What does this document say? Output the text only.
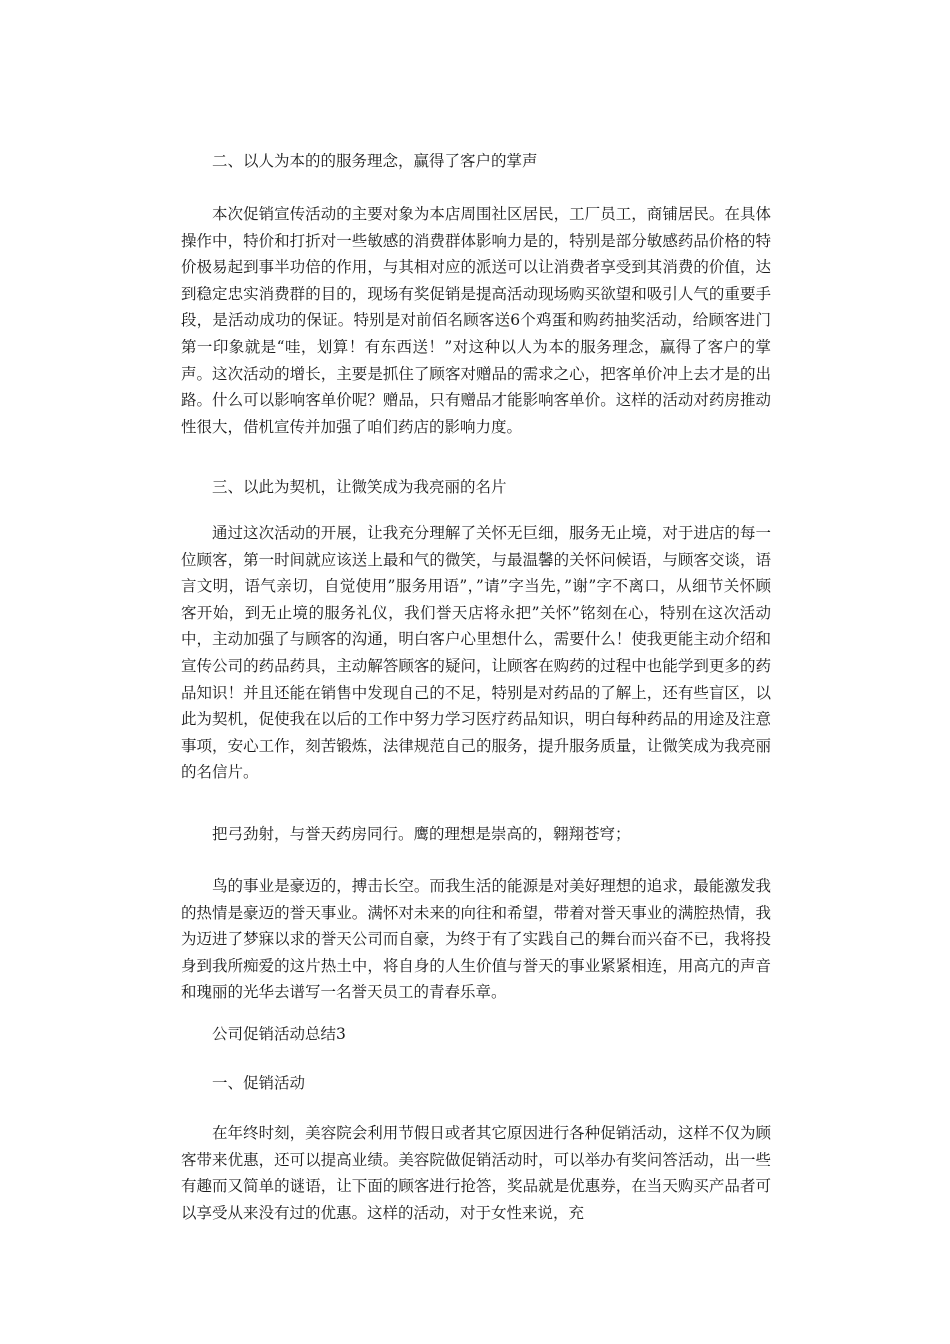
二、以人为本的的服务理念，赢得了客户的掌声

本次促销宣传活动的主要对象为本店周围社区居民，工厂员工，商铺居民。在具体操作中，特价和打折对一些敏感的消费群体影响力是的，特别是部分敏感药品价格的特价极易起到事半功倍的作用，与其相对应的派送可以让消费者享受到其消费的价值，达到稳定忠实消费群的目的，现场有奖促销是提高活动现场购买欲望和吸引人气的重要手段，是活动成功的保证。特别是对前佰名顾客送6个鸡蛋和购药抽奖活动，给顾客进门第一印象就是“哇，划算！有东西送！”对这种以人为本的服务理念，赢得了客户的掌声。这次活动的增长，主要是抓住了顾客对赠品的需求之心，把客单价冲上去才是的出路。什么可以影响客单价呢？赠品，只有赠品才能影响客单价。这样的活动对药房推动性很大，借机宣传并加强了咱们药店的影响力度。

三、以此为契机，让微笑成为我亮丽的名片

通过这次活动的开展，让我充分理解了关怀无巨细，服务无止境，对于进店的每一位顾客，第一时间就应该送上最和气的微笑，与最温馨的关怀问候语，与顾客交谈，语言文明，语气亲切，自觉使用”服务用语”，”请”字当先，”谢”字不离口，从细节关怀顾客开始，到无止境的服务礼仪，我们誉天店将永把”关怀”铭刻在心，特别在这次活动中，主动加强了与顾客的沟通，明白客户心里想什么，需要什么！使我更能主动介绍和宣传公司的药品药具，主动解答顾客的疑问，让顾客在购药的过程中也能学到更多的药品知识！并且还能在销售中发现自己的不足，特别是对药品的了解上，还有些盲区，以此为契机，促使我在以后的工作中努力学习医疗药品知识，明白每种药品的用途及注意事项，安心工作，刻苦锻炼，法律规范自己的服务，提升服务质量，让微笑成为我亮丽的名信片。

把弓劲射，与誉天药房同行。鹰的理想是崇高的，翱翔苍穹；

鸟的事业是豪迈的，搏击长空。而我生活的能源是对美好理想的追求，最能激发我的热情是豪迈的誉天事业。满怀对未来的向往和希望，带着对誉天事业的满腔热情，我为迈进了梦寐以求的誉天公司而自豪，为终于有了实践自己的舞台而兴奋不已，我将投身到我所痴爱的这片热土中，将自身的人生价值与誉天的事业紧紧相连，用高亢的声音和瑰丽的光华去谱写一名誉天员工的青春乐章。

公司促销活动总结3

一、促销活动

在年终时刻，美容院会利用节假日或者其它原因进行各种促销活动，这样不仅为顾客带来优惠，还可以提高业绩。美容院做促销活动时，可以举办有奖问答活动，出一些有趣而又简单的谜语，让下面的顾客进行抢答，奖品就是优惠券，在当天购买产品者可以享受从来没有过的优惠。这样的活动，对于女性来说，充
